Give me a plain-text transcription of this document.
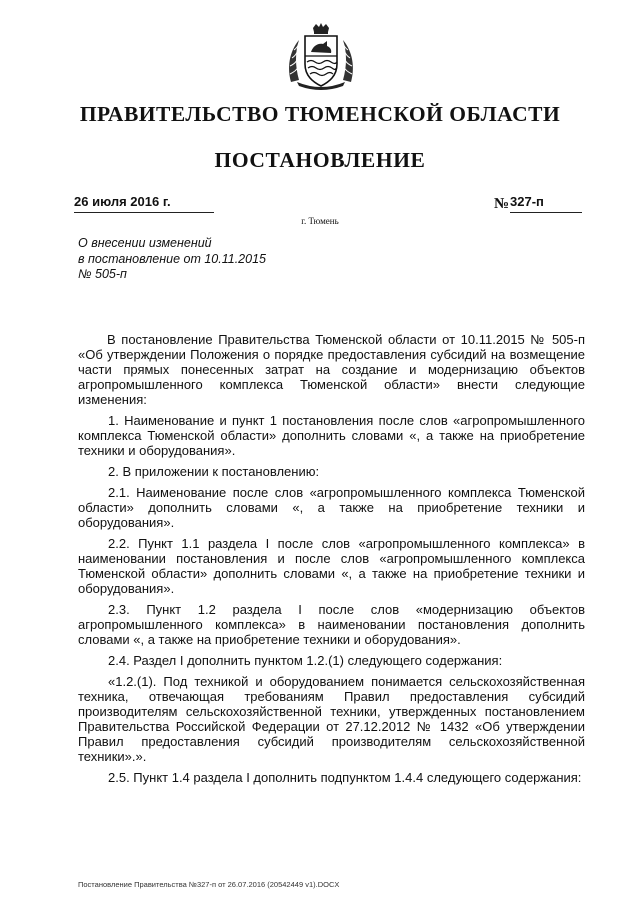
ПРАВИТЕЛЬСТВО ТЮМЕНСКОЙ ОБЛАСТИ
ПОСТАНОВЛЕНИЕ
26 июля 2016 г.	№ 327-п
г. Тюмень
О внесении изменений
в постановление от 10.11.2015
№ 505-п

В постановление Правительства Тюменской области от 10.11.2015 № 505-п «Об утверждении Положения о порядке предоставления субсидий на возмещение части прямых понесенных затрат на создание и модернизацию объектов агропромышленного комплекса Тюменской области» внести следующие изменения:

1. Наименование и пункт 1 постановления после слов «агропромышленного комплекса Тюменской области» дополнить словами «, а также на приобретение техники и оборудования».

2. В приложении к постановлению:

2.1. Наименование после слов «агропромышленного комплекса Тюменской области» дополнить словами «, а также на приобретение техники и оборудования».

2.2. Пункт 1.1 раздела I после слов «агропромышленного комплекса» в наименовании постановления и после слов «агропромышленного комплекса Тюменской области» дополнить словами «, а также на приобретение техники и оборудования».

2.3. Пункт 1.2 раздела I после слов «модернизацию объектов агропромышленного комплекса» в наименовании постановления дополнить словами «, а также на приобретение техники и оборудования».

2.4. Раздел I дополнить пунктом 1.2.(1) следующего содержания:

«1.2.(1). Под техникой и оборудованием понимается сельскохозяйственная техника, отвечающая требованиям Правил предоставления субсидий производителям сельскохозяйственной техники, утвержденных постановлением Правительства Российской Федерации от 27.12.2012 № 1432 «Об утверждении Правил предоставления субсидий производителям сельскохозяйственной техники».».

2.5. Пункт 1.4 раздела I дополнить подпунктом 1.4.4 следующего содержания:

Постановление Правительства №327-п от 26.07.2016 (20542449 v1).DOCX
